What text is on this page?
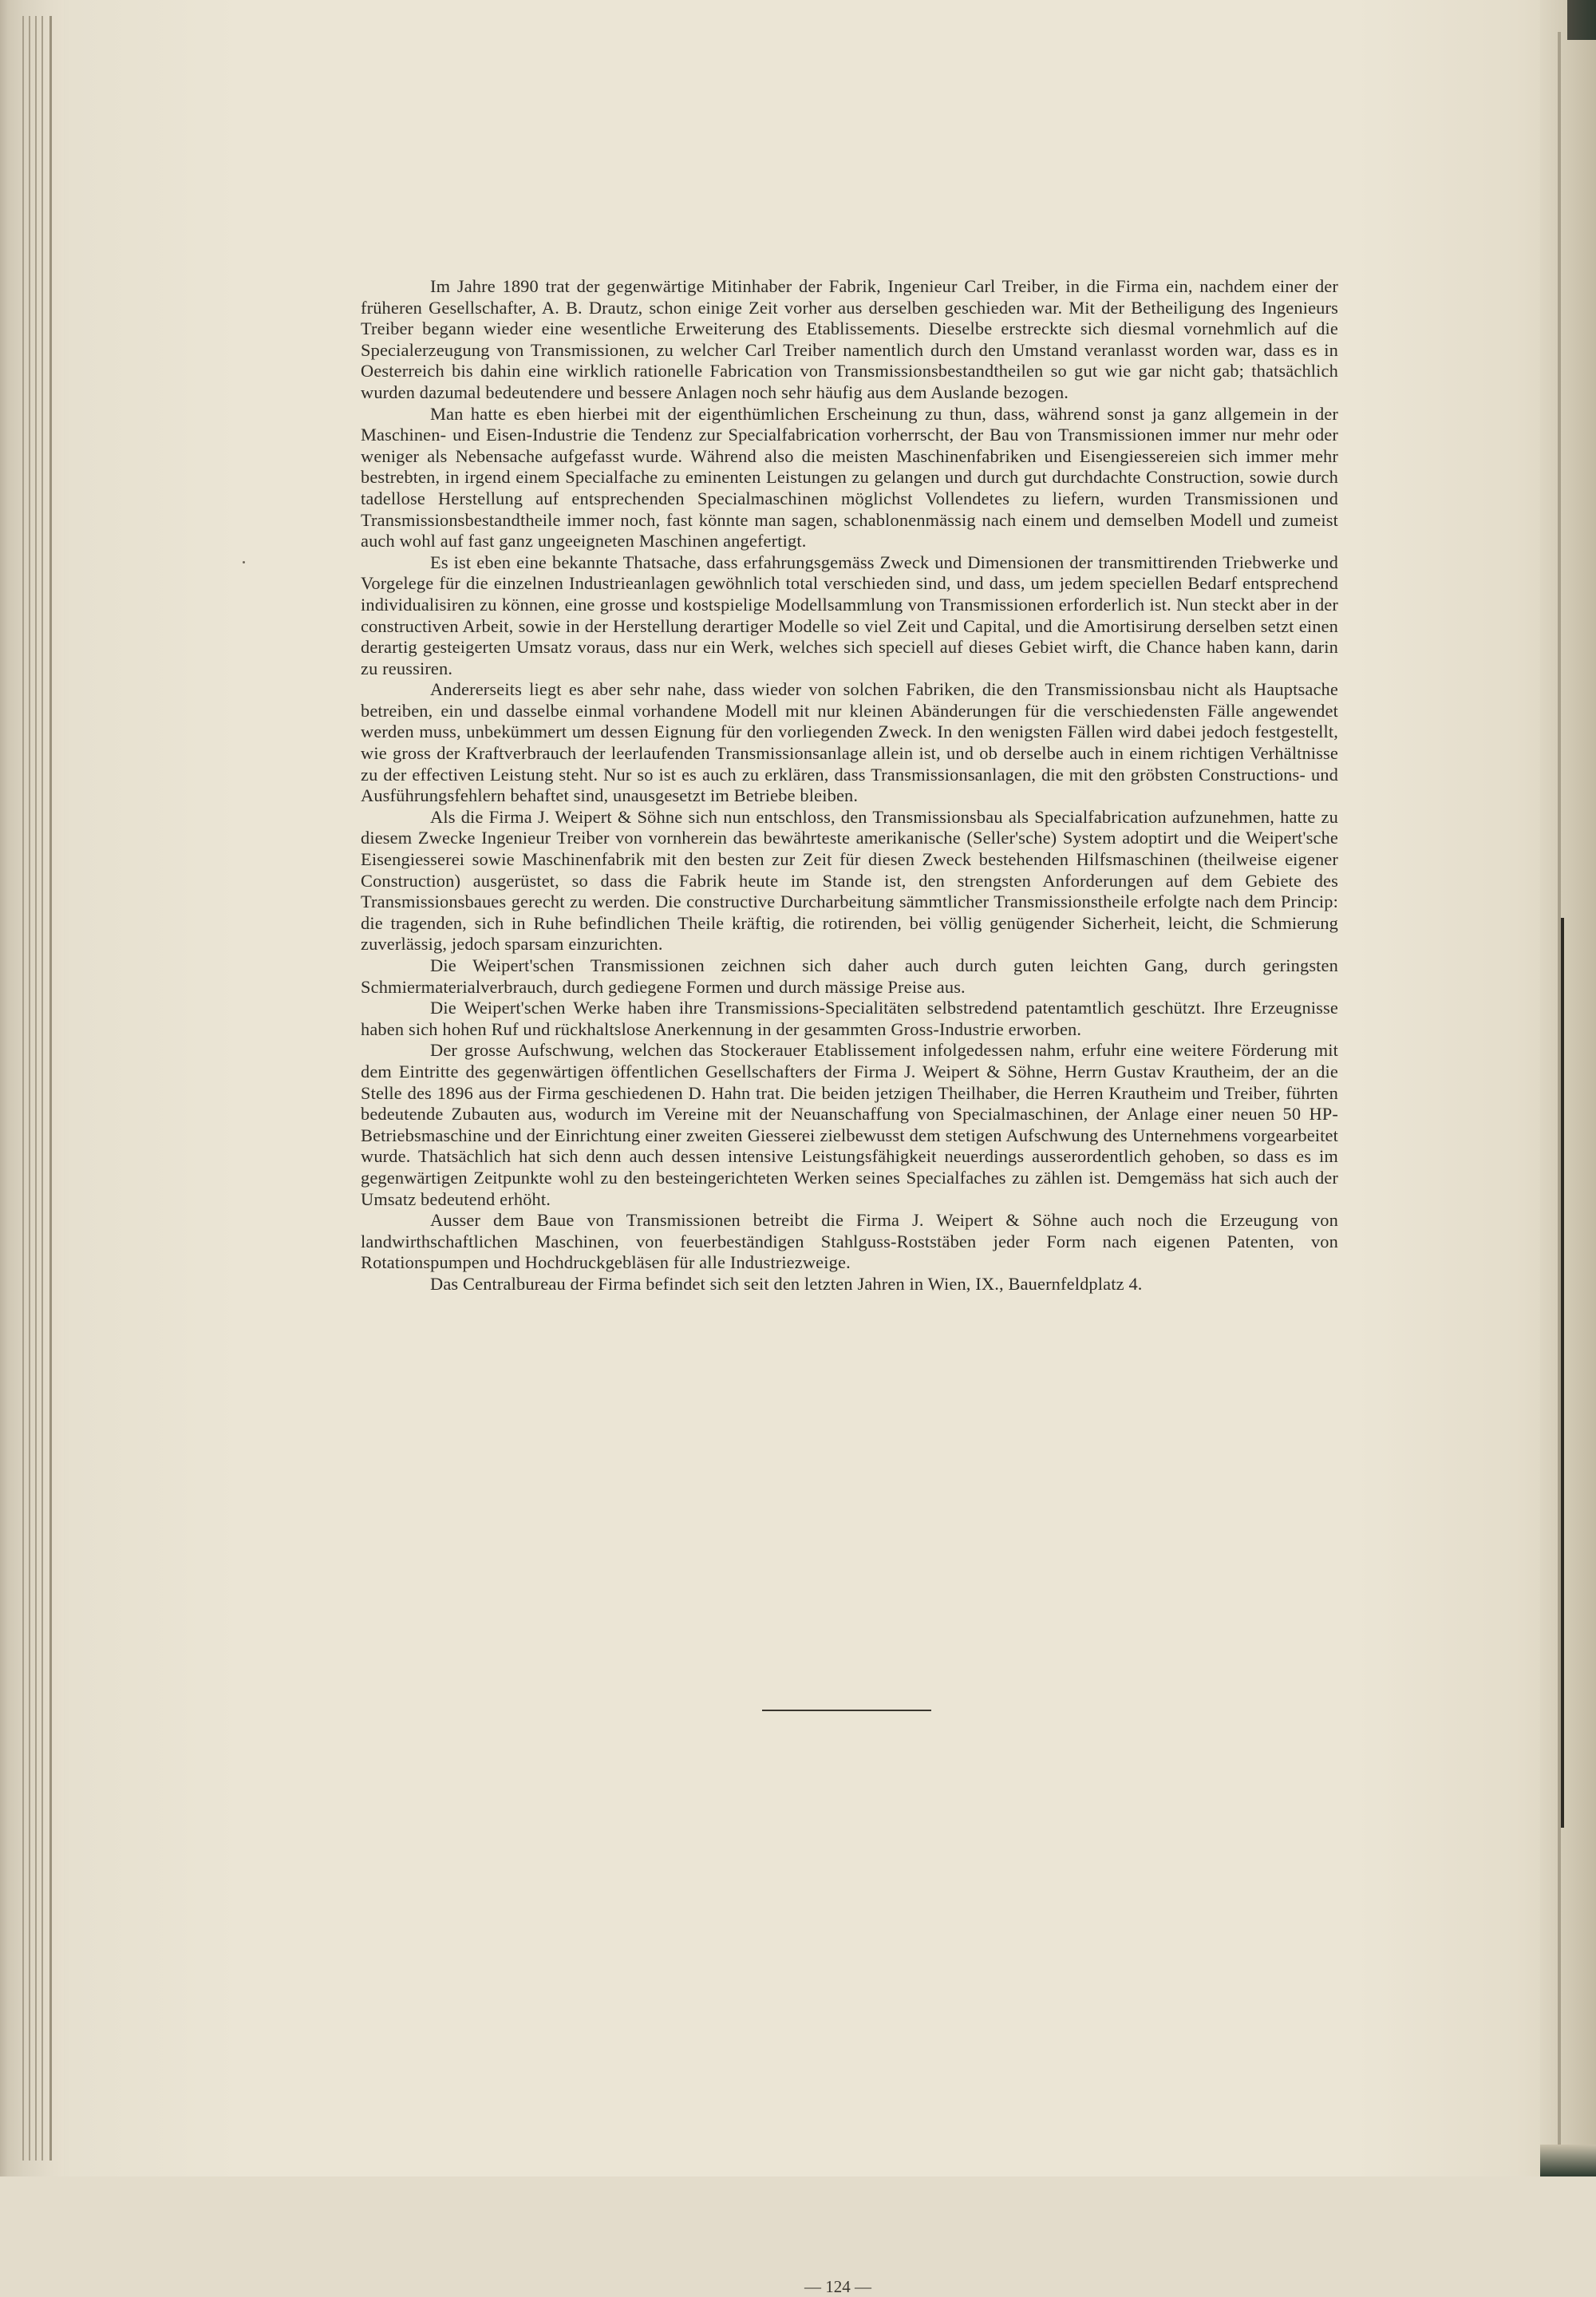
Im Jahre 1890 trat der gegenwärtige Mitinhaber der Fabrik, Ingenieur Carl Treiber, in die Firma ein, nachdem einer der früheren Gesellschafter, A. B. Drautz, schon einige Zeit vorher aus derselben geschieden war. Mit der Betheiligung des Ingenieurs Treiber begann wieder eine wesentliche Erweiterung des Etablissements. Dieselbe erstreckte sich diesmal vornehmlich auf die Specialerzeugung von Transmissionen, zu welcher Carl Treiber namentlich durch den Umstand veranlasst worden war, dass es in Oesterreich bis dahin eine wirklich rationelle Fabrication von Transmissionsbestandtheilen so gut wie gar nicht gab; thatsächlich wurden dazumal bedeutendere und bessere Anlagen noch sehr häufig aus dem Auslande bezogen.

Man hatte es eben hierbei mit der eigenthümlichen Erscheinung zu thun, dass, während sonst ja ganz allgemein in der Maschinen- und Eisen-Industrie die Tendenz zur Specialfabrication vorherrscht, der Bau von Transmissionen immer nur mehr oder weniger als Nebensache aufgefasst wurde. Während also die meisten Maschinenfabriken und Eisengiessereien sich immer mehr bestrebten, in irgend einem Specialfache zu eminenten Leistungen zu gelangen und durch gut durchdachte Construction, sowie durch tadellose Herstellung auf entsprechenden Specialmaschinen möglichst Vollendetes zu liefern, wurden Transmissionen und Transmissionsbestandtheile immer noch, fast könnte man sagen, schablonenmässig nach einem und demselben Modell und zumeist auch wohl auf fast ganz ungeeigneten Maschinen angefertigt.

Es ist eben eine bekannte Thatsache, dass erfahrungsgemäss Zweck und Dimensionen der transmittirenden Triebwerke und Vorgelege für die einzelnen Industrieanlagen gewöhnlich total verschieden sind, und dass, um jedem speciellen Bedarf entsprechend individualisiren zu können, eine grosse und kostspielige Modellsammlung von Transmissionen erforderlich ist. Nun steckt aber in der constructiven Arbeit, sowie in der Herstellung derartiger Modelle so viel Zeit und Capital, und die Amortisirung derselben setzt einen derartig gesteigerten Umsatz voraus, dass nur ein Werk, welches sich speciell auf dieses Gebiet wirft, die Chance haben kann, darin zu reussiren.

Andererseits liegt es aber sehr nahe, dass wieder von solchen Fabriken, die den Transmissionsbau nicht als Hauptsache betreiben, ein und dasselbe einmal vorhandene Modell mit nur kleinen Abänderungen für die verschiedensten Fälle angewendet werden muss, unbekümmert um dessen Eignung für den vorliegenden Zweck. In den wenigsten Fällen wird dabei jedoch festgestellt, wie gross der Kraftverbrauch der leerlaufenden Transmissionsanlage allein ist, und ob derselbe auch in einem richtigen Verhältnisse zu der effectiven Leistung steht. Nur so ist es auch zu erklären, dass Transmissionsanlagen, die mit den gröbsten Constructions- und Ausführungsfehlern behaftet sind, unausgesetzt im Betriebe bleiben.

Als die Firma J. Weipert & Söhne sich nun entschloss, den Transmissionsbau als Specialfabrication aufzunehmen, hatte zu diesem Zwecke Ingenieur Treiber von vornherein das bewährteste amerikanische (Seller'sche) System adoptirt und die Weipert'sche Eisengiesserei sowie Maschinenfabrik mit den besten zur Zeit für diesen Zweck bestehenden Hilfsmaschinen (theilweise eigener Construction) ausgerüstet, so dass die Fabrik heute im Stande ist, den strengsten Anforderungen auf dem Gebiete des Transmissionsbaues gerecht zu werden. Die constructive Durcharbeitung sämmtlicher Transmissionstheile erfolgte nach dem Princip: die tragenden, sich in Ruhe befindlichen Theile kräftig, die rotirenden, bei völlig genügender Sicherheit, leicht, die Schmierung zuverlässig, jedoch sparsam einzurichten.

Die Weipert'schen Transmissionen zeichnen sich daher auch durch guten leichten Gang, durch geringsten Schmiermaterialverbrauch, durch gediegene Formen und durch mässige Preise aus.

Die Weipert'schen Werke haben ihre Transmissions-Specialitäten selbstredend patentamtlich geschützt. Ihre Erzeugnisse haben sich hohen Ruf und rückhaltslose Anerkennung in der gesammten Gross-Industrie erworben.

Der grosse Aufschwung, welchen das Stockerauer Etablissement infolgedessen nahm, erfuhr eine weitere Förderung mit dem Eintritte des gegenwärtigen öffentlichen Gesellschafters der Firma J. Weipert & Söhne, Herrn Gustav Krautheim, der an die Stelle des 1896 aus der Firma geschiedenen D. Hahn trat. Die beiden jetzigen Theilhaber, die Herren Krautheim und Treiber, führten bedeutende Zubauten aus, wodurch im Vereine mit der Neuanschaffung von Specialmaschinen, der Anlage einer neuen 50 HP-Betriebsmaschine und der Einrichtung einer zweiten Giesserei zielbewusst dem stetigen Aufschwung des Unternehmens vorgearbeitet wurde. Thatsächlich hat sich denn auch dessen intensive Leistungsfähigkeit neuerdings ausserordentlich gehoben, so dass es im gegenwärtigen Zeitpunkte wohl zu den besteingerichteten Werken seines Specialfaches zu zählen ist. Demgemäss hat sich auch der Umsatz bedeutend erhöht.

Ausser dem Baue von Transmissionen betreibt die Firma J. Weipert & Söhne auch noch die Erzeugung von landwirthschaftlichen Maschinen, von feuerbeständigen Stahlguss-Roststäben jeder Form nach eigenen Patenten, von Rotationspumpen und Hochdruckgebläsen für alle Industriezweige.

Das Centralbureau der Firma befindet sich seit den letzten Jahren in Wien, IX., Bauernfeldplatz 4.

— 124 —
